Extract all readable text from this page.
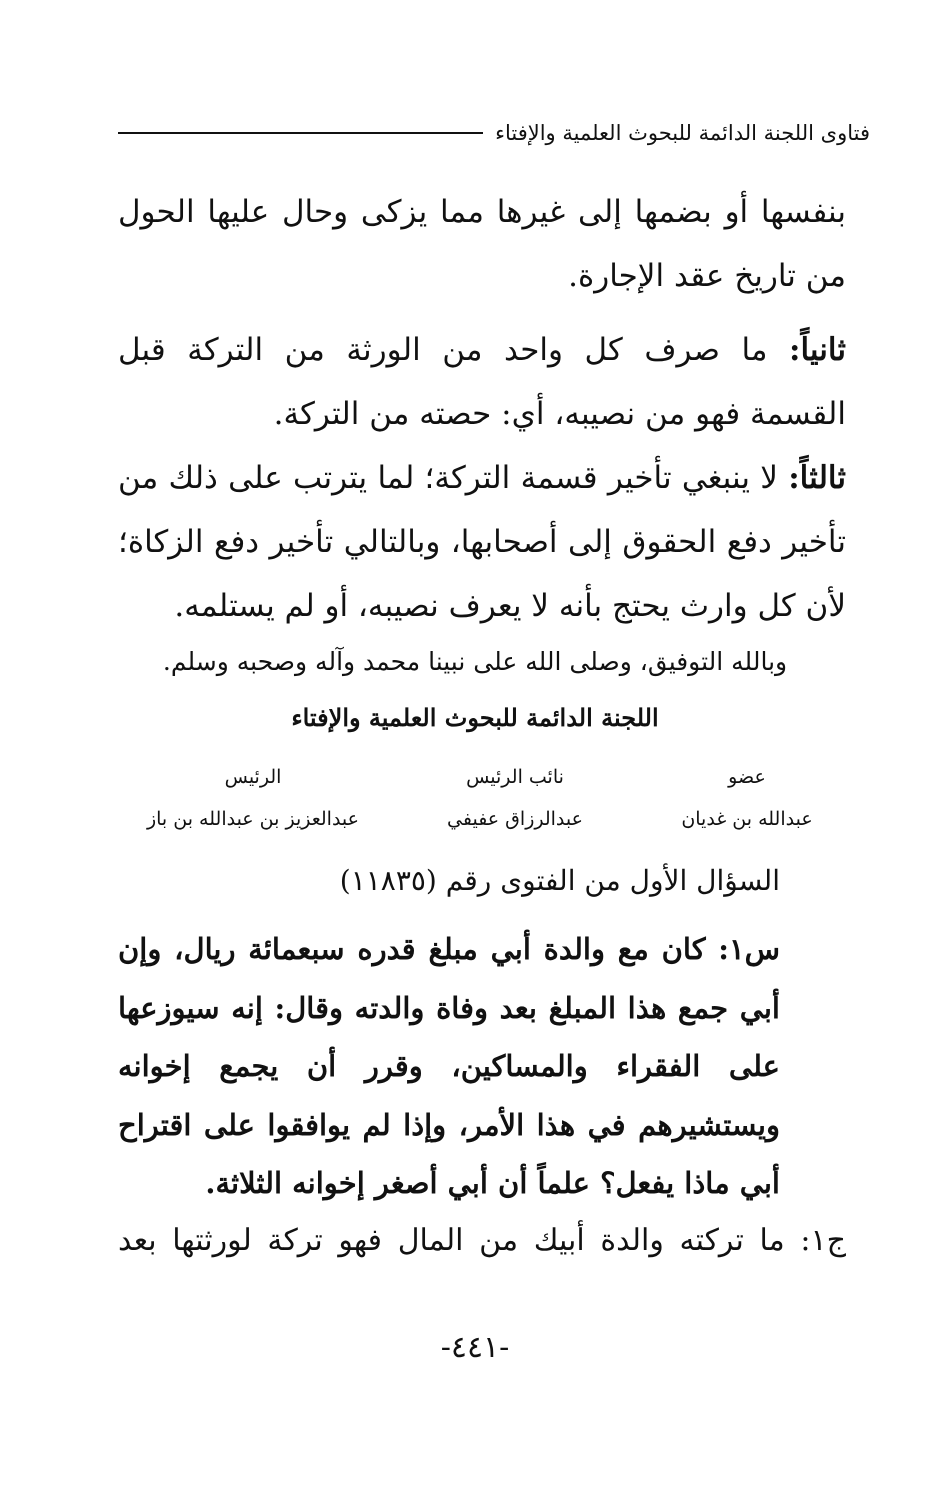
فتاوى اللجنة الدائمة للبحوث العلمية والإفتاء
بنفسها أو بضمها إلى غيرها مما يزكى وحال عليها الحول من تاريخ عقد الإجارة.
ثانياً: ما صرف كل واحد من الورثة من التركة قبل القسمة فهو من نصيبه، أي: حصته من التركة.
ثالثاً: لا ينبغي تأخير قسمة التركة؛ لما يترتب على ذلك من تأخير دفع الحقوق إلى أصحابها، وبالتالي تأخير دفع الزكاة؛ لأن كل وارث يحتج بأنه لا يعرف نصيبه، أو لم يستلمه.
وبالله التوفيق، وصلى الله على نبينا محمد وآله وصحبه وسلم.
اللجنة الدائمة للبحوث العلمية والإفتاء
عضو
عبدالله بن غديان
نائب الرئيس
عبدالرزاق عفيفي
الرئيس
عبدالعزيز بن عبدالله بن باز
السؤال الأول من الفتوى رقم (١١٨٣٥)
س١: كان مع والدة أبي مبلغ قدره سبعمائة ريال، وإن أبي جمع هذا المبلغ بعد وفاة والدته وقال: إنه سيوزعها على الفقراء والمساكين، وقرر أن يجمع إخوانه ويستشيرهم في هذا الأمر، وإذا لم يوافقوا على اقتراح أبي ماذا يفعل؟ علماً أن أبي أصغر إخوانه الثلاثة.
ج١: ما تركته والدة أبيك من المال فهو تركة لورثتها بعد
-٤٤١-
